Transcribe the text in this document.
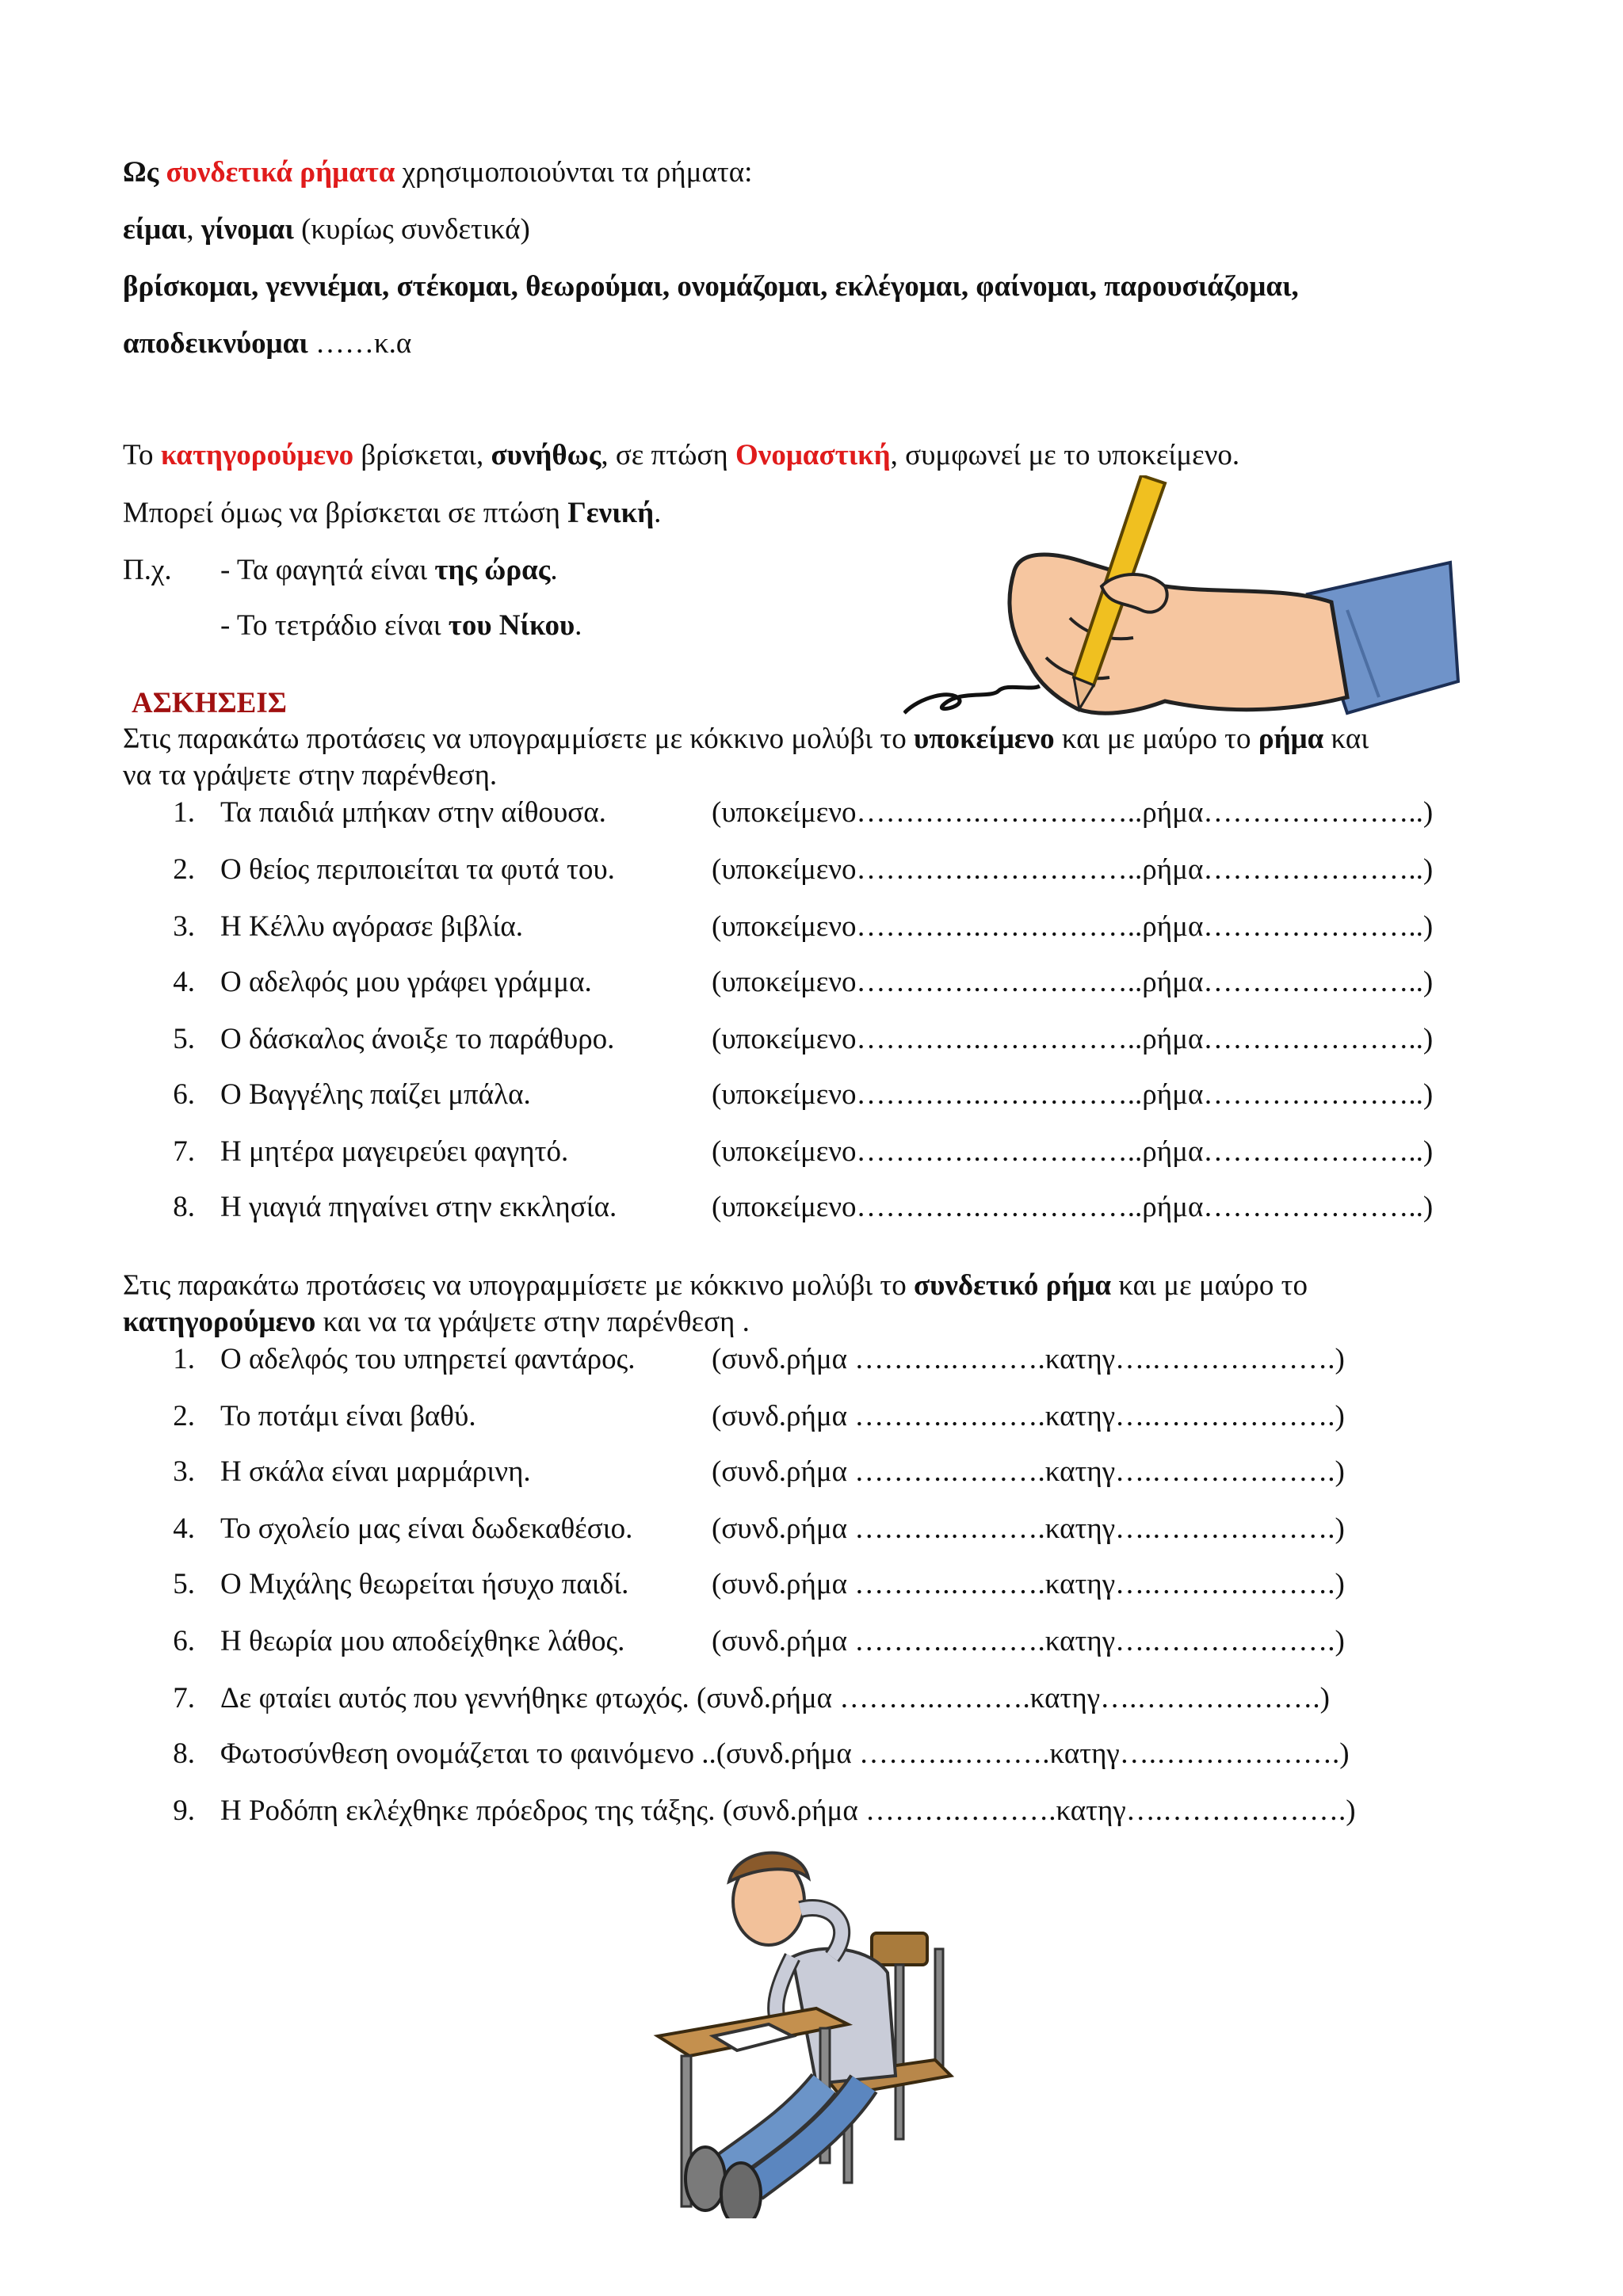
Ως συνδετικά ρήματα χρησιμοποιούνται τα ρήματα:
είμαι, γίνομαι (κυρίως συνδετικά)
βρίσκομαι, γεννιέμαι, στέκομαι, θεωρούμαι, ονομάζομαι, εκλέγομαι, φαίνομαι, παρουσιάζομαι,
αποδεικνύομαι ……κ.α
Το κατηγορούμενο βρίσκεται, συνήθως, σε πτώση Ονομαστική, συμφωνεί με το υποκείμενο.
Μπορεί όμως να βρίσκεται σε πτώση Γενική.
Π.χ. - Τα φαγητά είναι της ώρας.
- Το τετράδιο είναι του Νίκου.
ΑΣΚΗΣΕΙΣ
Στις παρακάτω προτάσεις να υπογραμμίσετε με κόκκινο μολύβι το υποκείμενο και με μαύρο το ρήμα και
να τα γράψετε στην παρένθεση.
1. Τα παιδιά μπήκαν στην αίθουσα.	(υποκείμενο………….……………..ρήμα…………………..)
2. Ο θείος περιποιείται τα φυτά του.	(υποκείμενο………….……………..ρήμα…………………..)
3. Η Κέλλυ αγόρασε βιβλία.	(υποκείμενο………….……………..ρήμα…………………..)
4. Ο αδελφός μου γράφει γράμμα.	(υποκείμενο………….……………..ρήμα…………………..)
5. Ο δάσκαλος άνοιξε το παράθυρο.	(υποκείμενο………….……………..ρήμα…………………..)
6. Ο Βαγγέλης παίζει μπάλα.	(υποκείμενο………….……………..ρήμα…………………..)
7. Η μητέρα μαγειρεύει φαγητό.	(υποκείμενο………….……………..ρήμα…………………..)
8. Η γιαγιά πηγαίνει στην εκκλησία.	(υποκείμενο………….……………..ρήμα…………………..)
Στις παρακάτω προτάσεις να υπογραμμίσετε με κόκκινο μολύβι το συνδετικό ρήμα και με μαύρο το
κατηγορούμενο και να τα γράψετε στην παρένθεση .
1. Ο αδελφός του υπηρετεί φαντάρος.	(συνδ.ρήμα ……….……….κατηγ….……………….)
2. Το ποτάμι είναι βαθύ.	(συνδ.ρήμα ……….……….κατηγ….……………….)
3. Η σκάλα είναι μαρμάρινη.	(συνδ.ρήμα ……….……….κατηγ….……………….)
4. Το σχολείο μας είναι δωδεκαθέσιο.	(συνδ.ρήμα ……….……….κατηγ….……………….)
5. Ο Μιχάλης θεωρείται ήσυχο παιδί.	(συνδ.ρήμα ……….……….κατηγ….……………….)
6. Η θεωρία μου αποδείχθηκε λάθος.	(συνδ.ρήμα ……….……….κατηγ….……………….)
7. Δε φταίει αυτός που γεννήθηκε φτωχός. (συνδ.ρήμα ……….……….κατηγ….……………….)
8. Φωτοσύνθεση ονομάζεται το φαινόμενο ..(συνδ.ρήμα ……….……….κατηγ….……………….)
9. Η Ροδόπη εκλέχθηκε πρόεδρος της τάξης. (συνδ.ρήμα ……….……….κατηγ….……………….)
